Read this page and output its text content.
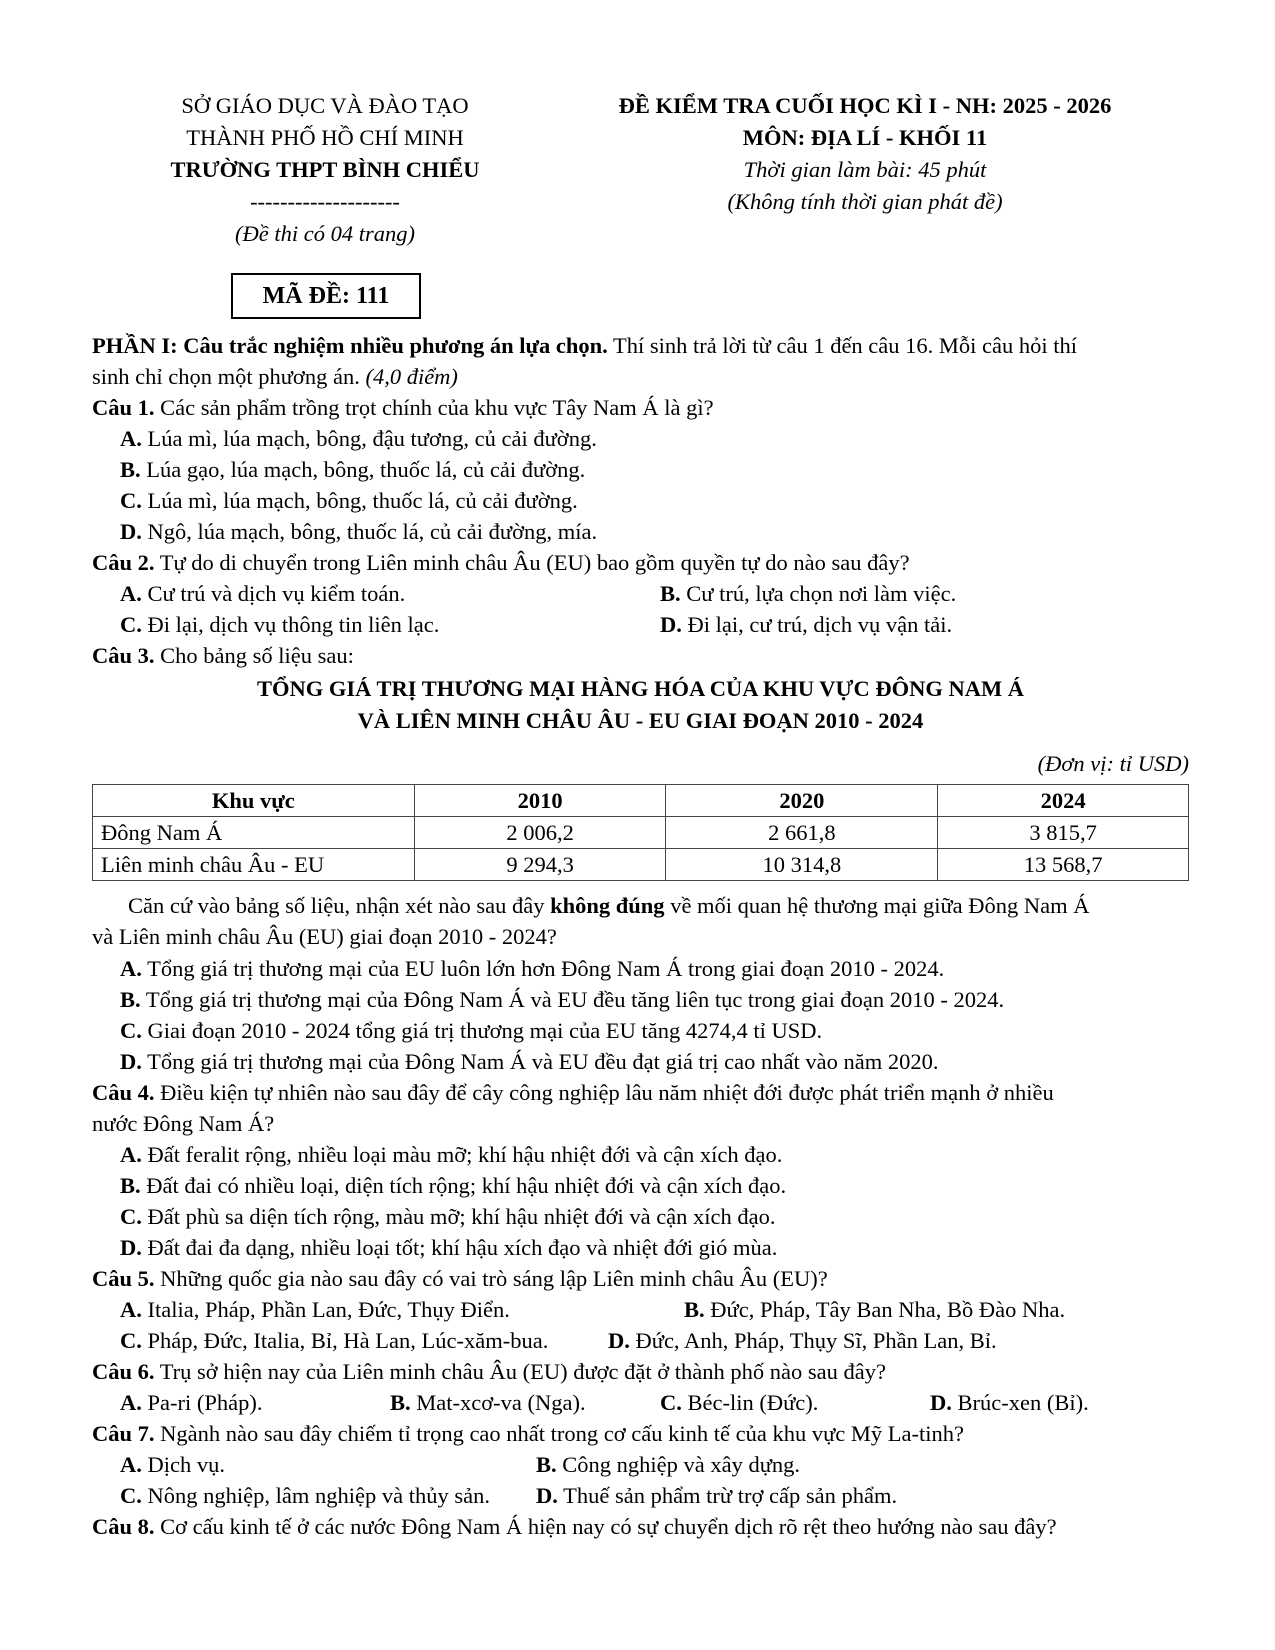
SỞ GIÁO DỤC VÀ ĐÀO TẠO
THÀNH PHỐ HỒ CHÍ MINH
TRƯỜNG THPT BÌNH CHIỂU
--------------------
(Đề thi có 04 trang)
ĐỀ KIỂM TRA CUỐI HỌC KÌ I - NH: 2025 - 2026
MÔN: ĐỊA LÍ - KHỐI 11
Thời gian làm bài: 45 phút
(Không tính thời gian phát đề)
MÃ ĐỀ: 111
PHẦN I: Câu trắc nghiệm nhiều phương án lựa chọn. Thí sinh trả lời từ câu 1 đến câu 16. Mỗi câu hỏi thí
sinh chỉ chọn một phương án. (4,0 điểm)
Câu 1. Các sản phẩm trồng trọt chính của khu vực Tây Nam Á là gì?
A. Lúa mì, lúa mạch, bông, đậu tương, củ cải đường.
B. Lúa gạo, lúa mạch, bông, thuốc lá, củ cải đường.
C. Lúa mì, lúa mạch, bông, thuốc lá, củ cải đường.
D. Ngô, lúa mạch, bông, thuốc lá, củ cải đường, mía.
Câu 2. Tự do di chuyển trong Liên minh châu Âu (EU) bao gồm quyền tự do nào sau đây?
A. Cư trú và dịch vụ kiểm toán.	B. Cư trú, lựa chọn nơi làm việc.
C. Đi lại, dịch vụ thông tin liên lạc.	D. Đi lại, cư trú, dịch vụ vận tải.
Câu 3. Cho bảng số liệu sau:
TỔNG GIÁ TRỊ THƯƠNG MẠI HÀNG HÓA CỦA KHU VỰC ĐÔNG NAM Á
VÀ LIÊN MINH CHÂU ÂU - EU GIAI ĐOẠN 2010 - 2024
(Đơn vị: tỉ USD)
Khu vực	2010	2020	2024
Đông Nam Á	2 006,2	2 661,8	3 815,7
Liên minh châu Âu - EU	9 294,3	10 314,8	13 568,7
Căn cứ vào bảng số liệu, nhận xét nào sau đây không đúng về mối quan hệ thương mại giữa Đông Nam Á
và Liên minh châu Âu (EU) giai đoạn 2010 - 2024?
A. Tổng giá trị thương mại của EU luôn lớn hơn Đông Nam Á trong giai đoạn 2010 - 2024.
B. Tổng giá trị thương mại của Đông Nam Á và EU đều tăng liên tục trong giai đoạn 2010 - 2024.
C. Giai đoạn 2010 - 2024 tổng giá trị thương mại của EU tăng 4274,4 tỉ USD.
D. Tổng giá trị thương mại của Đông Nam Á và EU đều đạt giá trị cao nhất vào năm 2020.
Câu 4. Điều kiện tự nhiên nào sau đây để cây công nghiệp lâu năm nhiệt đới được phát triển mạnh ở nhiều
nước Đông Nam Á?
A. Đất feralit rộng, nhiều loại màu mỡ; khí hậu nhiệt đới và cận xích đạo.
B. Đất đai có nhiều loại, diện tích rộng; khí hậu nhiệt đới và cận xích đạo.
C. Đất phù sa diện tích rộng, màu mỡ; khí hậu nhiệt đới và cận xích đạo.
D. Đất đai đa dạng, nhiều loại tốt; khí hậu xích đạo và nhiệt đới gió mùa.
Câu 5. Những quốc gia nào sau đây có vai trò sáng lập Liên minh châu Âu (EU)?
A. Italia, Pháp, Phần Lan, Đức, Thụy Điển.	B. Đức, Pháp, Tây Ban Nha, Bồ Đào Nha.
C. Pháp, Đức, Italia, Bỉ, Hà Lan, Lúc-xăm-bua.	D. Đức, Anh, Pháp, Thụy Sĩ, Phần Lan, Bỉ.
Câu 6. Trụ sở hiện nay của Liên minh châu Âu (EU) được đặt ở thành phố nào sau đây?
A. Pa-ri (Pháp).	B. Mat-xcơ-va (Nga).	C. Béc-lin (Đức).	D. Brúc-xen (Bỉ).
Câu 7. Ngành nào sau đây chiếm tỉ trọng cao nhất trong cơ cấu kinh tế của khu vực Mỹ La-tinh?
A. Dịch vụ.	B. Công nghiệp và xây dựng.
C. Nông nghiệp, lâm nghiệp và thủy sản. D. Thuế sản phẩm trừ trợ cấp sản phẩm.
Câu 8. Cơ cấu kinh tế ở các nước Đông Nam Á hiện nay có sự chuyển dịch rõ rệt theo hướng nào sau đây?
